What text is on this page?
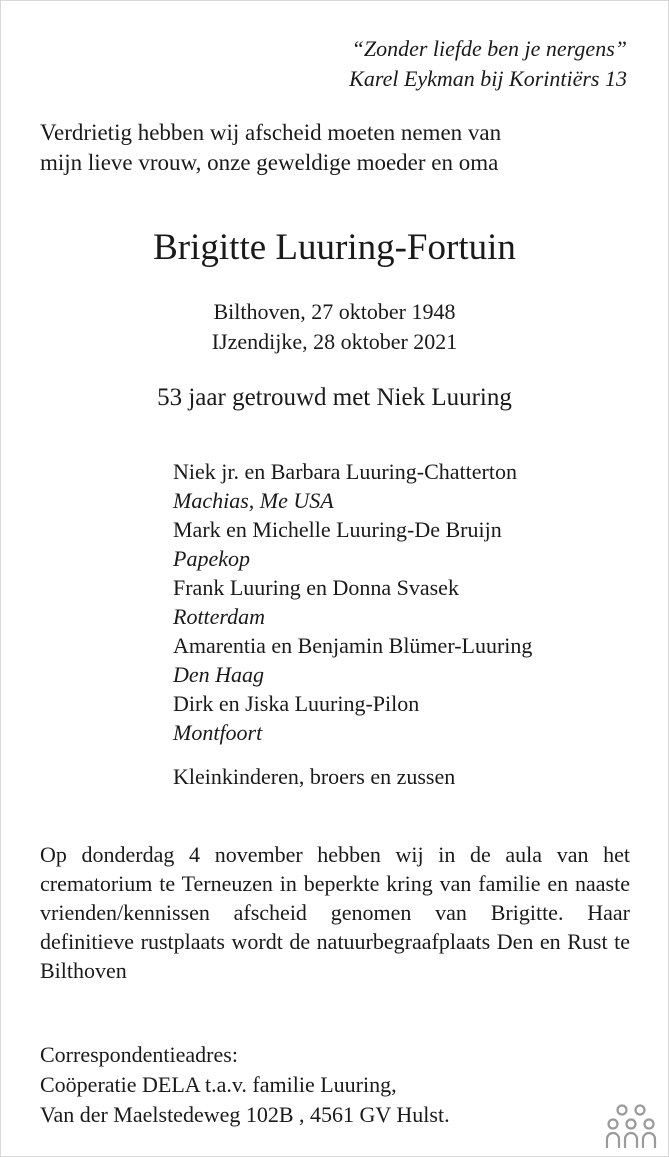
“Zonder liefde ben je nergens”
Karel Eykman bij Korintiërs 13
Verdrietig hebben wij afscheid moeten nemen van
mijn lieve vrouw, onze geweldige moeder en oma
Brigitte Luuring-Fortuin
Bilthoven, 27 oktober 1948
IJzendijke, 28 oktober 2021
53 jaar getrouwd met Niek Luuring
Niek jr. en Barbara Luuring-Chatterton
Machias, Me USA
Mark en Michelle Luuring-De Bruijn
Papekop
Frank Luuring en Donna Svasek
Rotterdam
Amarentia en Benjamin Blümer-Luuring
Den Haag
Dirk en Jiska Luuring-Pilon
Montfoort
Kleinkinderen, broers en zussen
Op donderdag 4 november hebben wij in de aula van het crematorium te Terneuzen in beperkte kring van familie en naaste vrienden/kennissen afscheid genomen van Brigitte. Haar definitieve rustplaats wordt de natuurbegraafplaats Den en Rust te Bilthoven
Correspondentieadres:
Coöperatie DELA t.a.v. familie Luuring,
Van der Maelstedeweg 102B , 4561 GV Hulst.
